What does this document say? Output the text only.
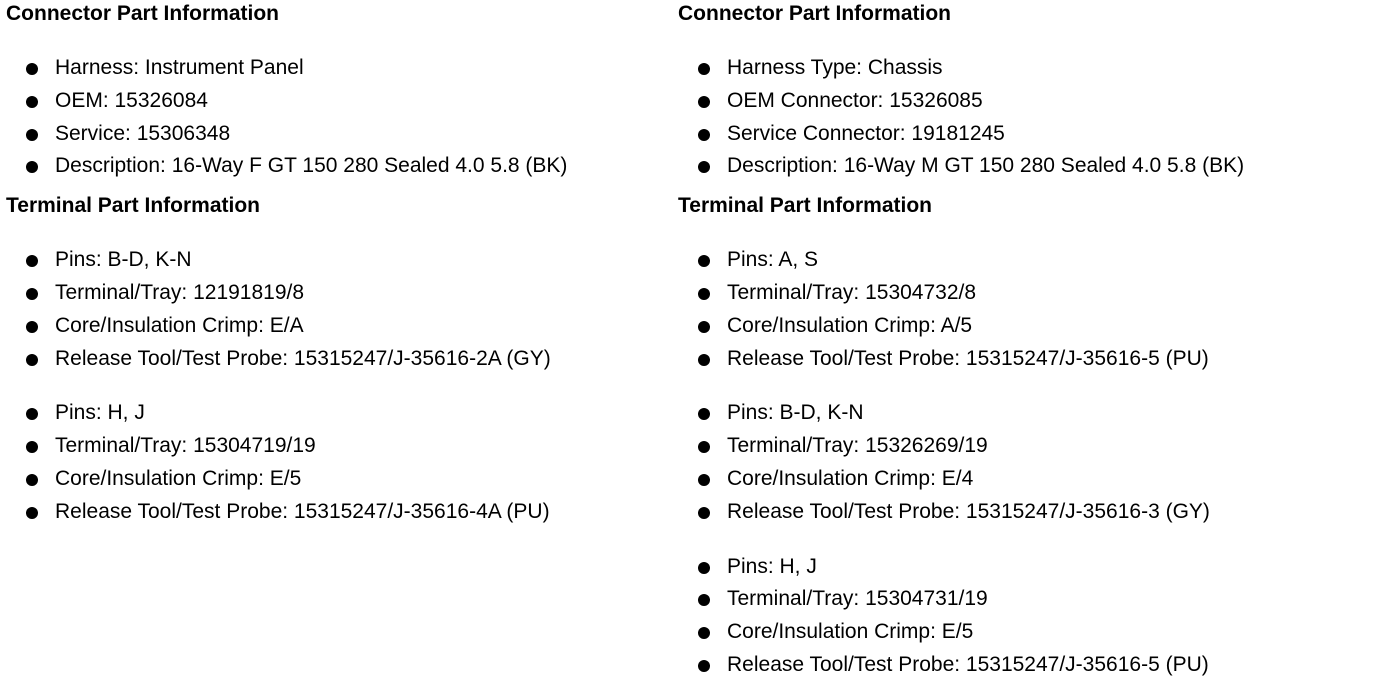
Connector Part Information
Harness: Instrument Panel
OEM: 15326084
Service: 15306348
Description: 16-Way F GT 150 280 Sealed 4.0 5.8 (BK)
Terminal Part Information
Pins: B-D, K-N
Terminal/Tray: 12191819/8
Core/Insulation Crimp: E/A
Release Tool/Test Probe: 15315247/J-35616-2A (GY)
Pins: H, J
Terminal/Tray: 15304719/19
Core/Insulation Crimp: E/5
Release Tool/Test Probe: 15315247/J-35616-4A (PU)
Connector Part Information
Harness Type: Chassis
OEM Connector: 15326085
Service Connector: 19181245
Description: 16-Way M GT 150 280 Sealed 4.0 5.8 (BK)
Terminal Part Information
Pins: A, S
Terminal/Tray: 15304732/8
Core/Insulation Crimp: A/5
Release Tool/Test Probe: 15315247/J-35616-5 (PU)
Pins: B-D, K-N
Terminal/Tray: 15326269/19
Core/Insulation Crimp: E/4
Release Tool/Test Probe: 15315247/J-35616-3 (GY)
Pins: H, J
Terminal/Tray: 15304731/19
Core/Insulation Crimp: E/5
Release Tool/Test Probe: 15315247/J-35616-5 (PU)
